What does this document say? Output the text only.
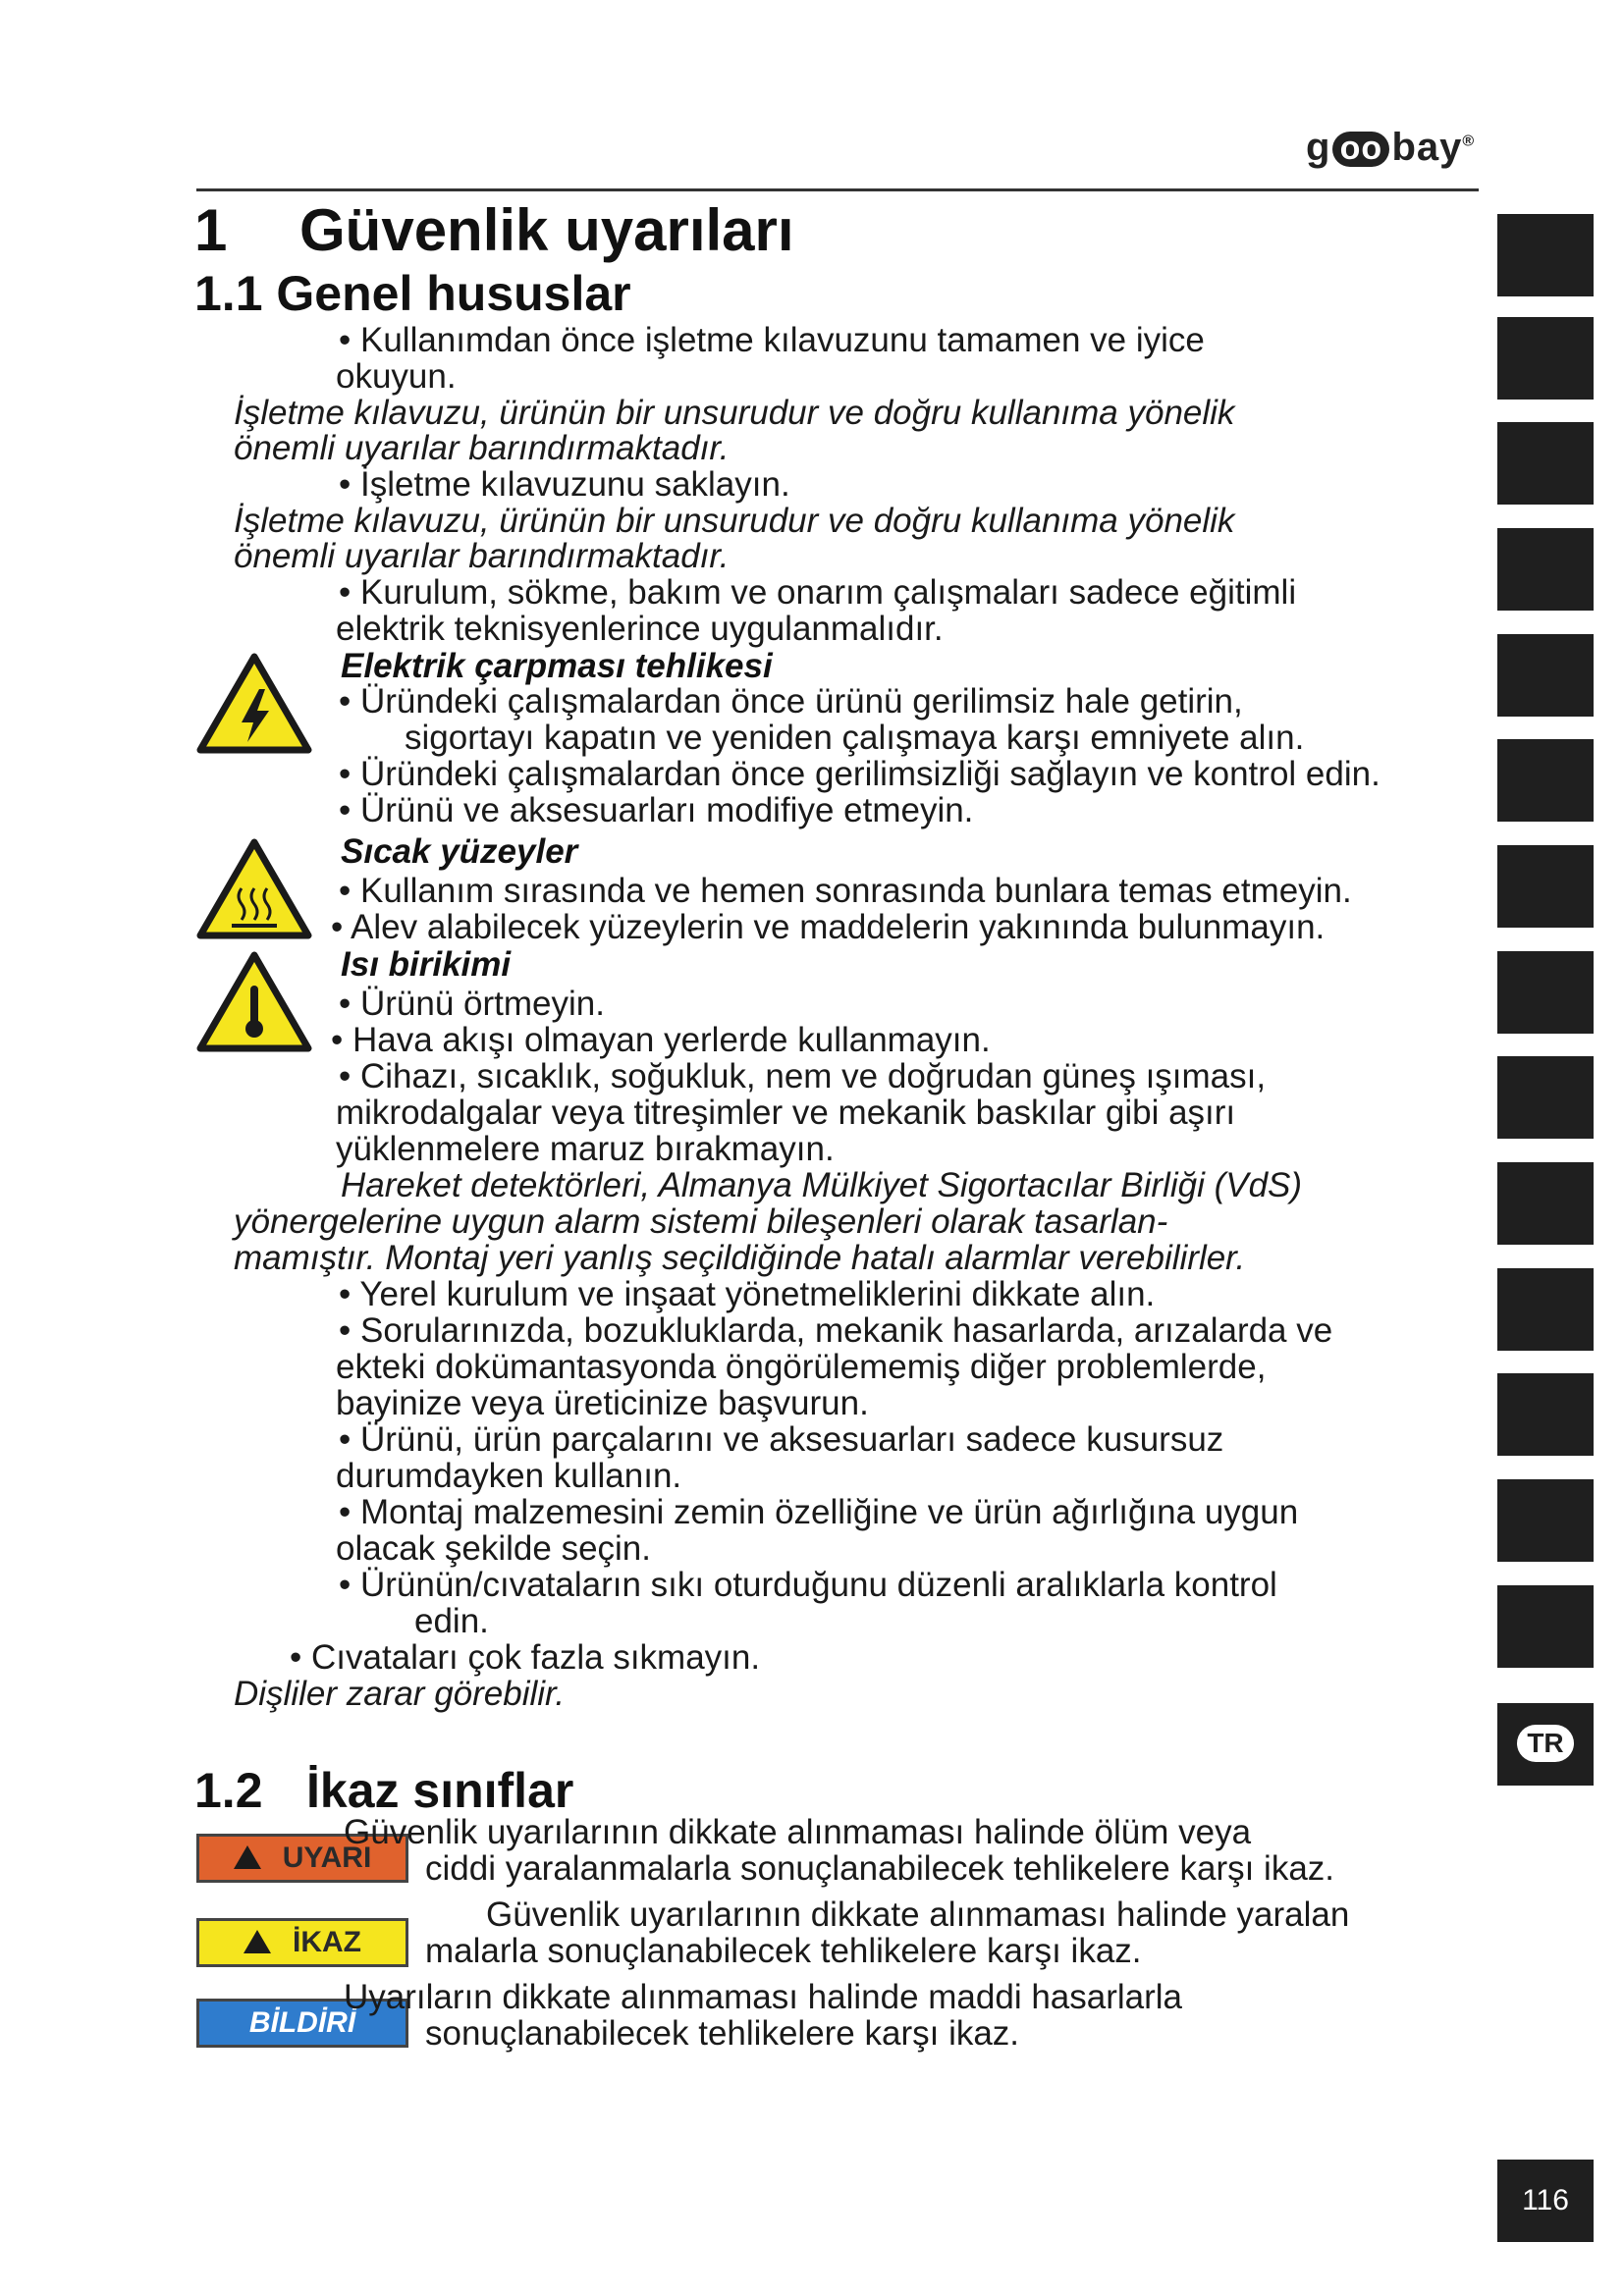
g oo bay®
1 Güvenlik uyarıları
1.1 Genel hususlar
• Kullanımdan önce işletme kılavuzunu tamamen ve iyice
okuyun.
İşletme kılavuzu, ürünün bir unsurudur ve doğru kullanıma yönelik
önemli uyarılar barındırmaktadır.
• İşletme kılavuzunu saklayın.
İşletme kılavuzu, ürünün bir unsurudur ve doğru kullanıma yönelik
önemli uyarılar barındırmaktadır.
• Kurulum, sökme, bakım ve onarım çalışmaları sadece eğitimli
elektrik teknisyenlerince uygulanmalıdır.
Elektrik çarpması tehlikesi
• Üründeki çalışmalardan önce ürünü gerilimsiz hale getirin,
sigortayı kapatın ve yeniden çalışmaya karşı emniyete alın.
• Üründeki çalışmalardan önce gerilimsizliği sağlayın ve kontrol edin.
• Ürünü ve aksesuarları modifiye etmeyin.
Sıcak yüzeyler
• Kullanım sırasında ve hemen sonrasında bunlara temas etmeyin.
• Alev alabilecek yüzeylerin ve maddelerin yakınında bulunmayın.
Isı birikimi
• Ürünü örtmeyin.
• Hava akışı olmayan yerlerde kullanmayın.
• Cihazı, sıcaklık, soğukluk, nem ve doğrudan güneş ışıması,
mikrodalgalar veya titreşimler ve mekanik baskılar gibi aşırı
yüklenmelere maruz bırakmayın.
Hareket detektörleri, Almanya Mülkiyet Sigortacılar Birliği (VdS)
yönergelerine uygun alarm sistemi bileşenleri olarak tasarlan-
mamıştır. Montaj yeri yanlış seçildiğinde hatalı alarmlar verebilirler.
• Yerel kurulum ve inşaat yönetmeliklerini dikkate alın.
• Sorularınızda, bozukluklarda, mekanik hasarlarda, arızalarda ve
ekteki dokümantasyonda öngörülememiş diğer problemlerde,
bayinize veya üreticinize başvurun.
• Ürünü, ürün parçalarını ve aksesuarları sadece kusursuz
durumdayken kullanın.
• Montaj malzemesini zemin özelliğine ve ürün ağırlığına uygun
olacak şekilde seçin.
• Ürünün/cıvataların sıkı oturduğunu düzenli aralıklarla kontrol
edin.
• Cıvataları çok fazla sıkmayın.
Dişliler zarar görebilir.
1.2 İkaz sınıflar
UYARI
İKAZ
BİLDİRİ
Güvenlik uyarılarının dikkate alınmaması halinde ölüm veya
ciddi yaralanmalarla sonuçlanabilecek tehlikelere karşı ikaz.
Güvenlik uyarılarının dikkate alınmaması halinde yaralan
malarla sonuçlanabilecek tehlikelere karşı ikaz.
Uyarıların dikkate alınmaması halinde maddi hasarlarla
sonuçlanabilecek tehlikelere karşı ikaz.
TR
116
